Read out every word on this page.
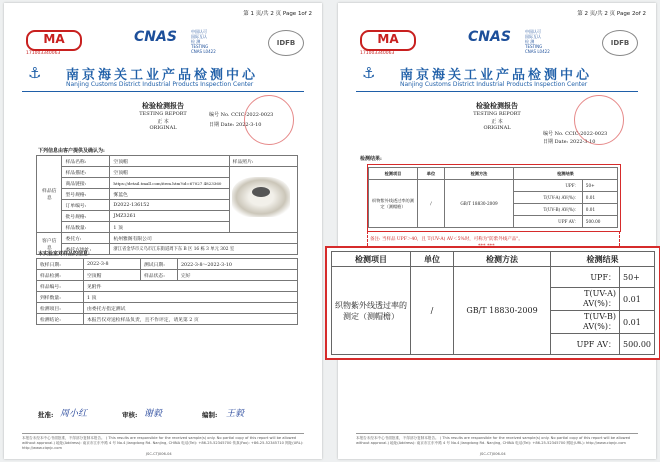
第 1 页/共 2 页 Page 1of 2
MA
171003340063
CNAS	中国认可
国际互认
检 测
TESTING
CNAS L0422
IDFB
⚓ 南京海关工业产品检测中心
Nanjing Customs District Industrial Products Inspection Center
检验检测报告
TESTING REPORT
正 本
ORIGINAL
编号 No. CCIC-2022-0023
日期 Date: 2022-3-10
下列信息由客户提供及确认为:
样品信息	样品名称:	空顶帽	样品照片:
	样品描述:	空顶帽	
	商品链接:	https://detail.tmall.com/item.htm?id=67027 4823360	
	型号规格:	雾蓝色	
	订单编号:	D2022-136152	
	批号规格:	JMZ3261	
	样品数量:	1 顶	
客户信息	委托方:	杭州雅阁有限公司	
	委托方地址:	浙江省金华市义乌市江东街道周下东 B 区 16 栋 3 单元 302 室	
本实验室对样品的信息:
收样日期:	2022-3-8	测试日期:	2022-3-8～2022-3-10
样品检测:	空顶帽	样品状态:	完好
样品编号:	见附件		
到样数量:	1 顶		
检测项目:	由委托方指定测试		
检测结论:	本报告仅对送检样品负责，且不作评定，请见第 2 页		
批准: 周小红	审核: 谢毅	编制: 王毅
本报告未经本中心书面批准，不得部分复制本报告。 ( This results are responsible for the received sample(s) only. No partial copy of this report will be allowed without approval.) 地址(Address): 南京市江东中路 4 号 No.4 Jiangdong Rd. Nanjing, CHINA 电话(Tel): +86-25-52345700 传真(Fax): +86-25-52345710 网址(URL): http://www.ciqnjc.com
JSC-CTJ006-04
第 2 页/共 2 页 Page 2of 2
MA
171003340063
CNAS	中国认可
国际互认
检 测
TESTING
CNAS L0422
IDFB
⚓ 南京海关工业产品检测中心
Nanjing Customs District Industrial Products Inspection Center
检验检测报告
TESTING REPORT
正 本
ORIGINAL
编号 No. CCIC-2022-0023
日期 Date: 2022-3-10
检测结果:
检测项目	单位	检测方法	检测结果	
织物紫外线透过率的测定（测帽檐）	/	GB/T 18830-2009	UPF：	50+
			T(UV-A) AV(%)：	0.01
			T(UV-B) AV(%)：	0.01
			UPF AV：	500.00
备注: 当样品 UPF＞40，且 T(UV-A) AV＜5%时，可称为"防紫外线产品"。
本报告未经本中心书面批准，不得部分复制本报告。 ( This results are responsible for the received sample(s) only. No partial copy of this report will be allowed without approval.) 地址(Address): 南京市江东中路 4 号 No.4 Jiangdong Rd. Nanjing, CHINA 电话(Tel): +86-25-52345700 网址(URL): http://www.ciqnjc.com
JSC-CTJ006-04
检测项目	单位	检测方法	检测结果	
织物紫外线透过率的测定（测帽檐）	/	GB/T 18830-2009	UPF：	50+
			T(UV-A) AV(%)：	0.01
			T(UV-B) AV(%)：	0.01
			UPF AV：	500.00
